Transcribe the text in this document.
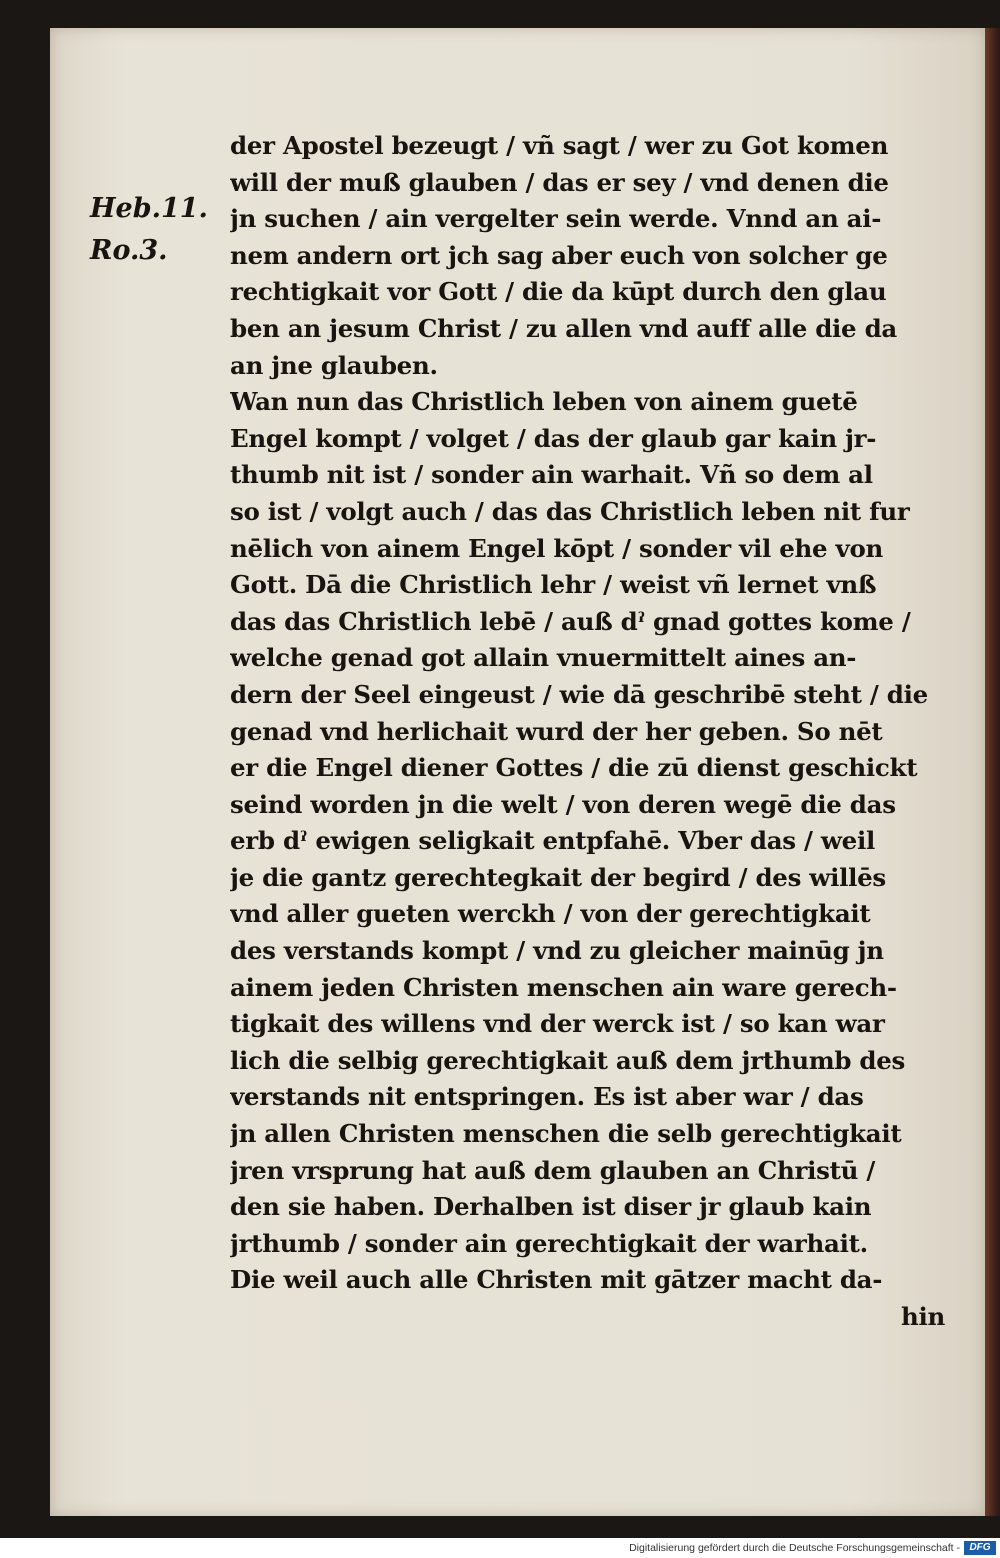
Heb.11.
Ro.3.
der Apostel bezeugt / vñ sagt / wer zu Got komen
will der muß glauben / das er sey / vnd denen die
jn suchen / ain vergelter sein werde. Vnnd an ai-
nem andern ort jch sag aber euch von solcher ge
rechtigkait vor Gott / die da kūpt durch den glau
ben an jesum Christ / zu allen vnd auff alle die da
an jne glauben.
Wan nun das Christlich leben von ainem guetē
Engel kompt / volget / das der glaub gar kain jr-
thumb nit ist / sonder ain warhait. Vñ so dem al
so ist / volgt auch / das das Christlich leben nit fur
nēlich von ainem Engel kōpt / sonder vil ehe von
Gott. Dā die Christlich lehr / weist vñ lernet vnß
das das Christlich lebē / auß dˀ gnad gottes kome /
welche genad got allain vnuermittelt aines an-
dern der Seel eingeust / wie dā geschribē steht / die
genad vnd herlichait wurd der her geben. So nēt
er die Engel diener Gottes / die zū dienst geschickt
seind worden jn die welt / von deren wegē die das
erb dˀ ewigen seligkait entpfahē. Vber das / weil
je die gantz gerechtegkait der begird / des willēs
vnd aller gueten werckh / von der gerechtigkait
des verstands kompt / vnd zu gleicher mainūg jn
ainem jeden Christen menschen ain ware gerech-
tigkait des willens vnd der werck ist / so kan war
lich die selbig gerechtigkait auß dem jrthumb des
verstands nit entspringen. Es ist aber war / das
jn allen Christen menschen die selb gerechtigkait
jren vrsprung hat auß dem glauben an Christū /
den sie haben. Derhalben ist diser jr glaub kain
jrthumb / sonder ain gerechtigkait der warhait.
Die weil auch alle Christen mit gātzer macht da-
hin
Digitalisierung gefördert durch die Deutsche Forschungsgemeinschaft - DFG
